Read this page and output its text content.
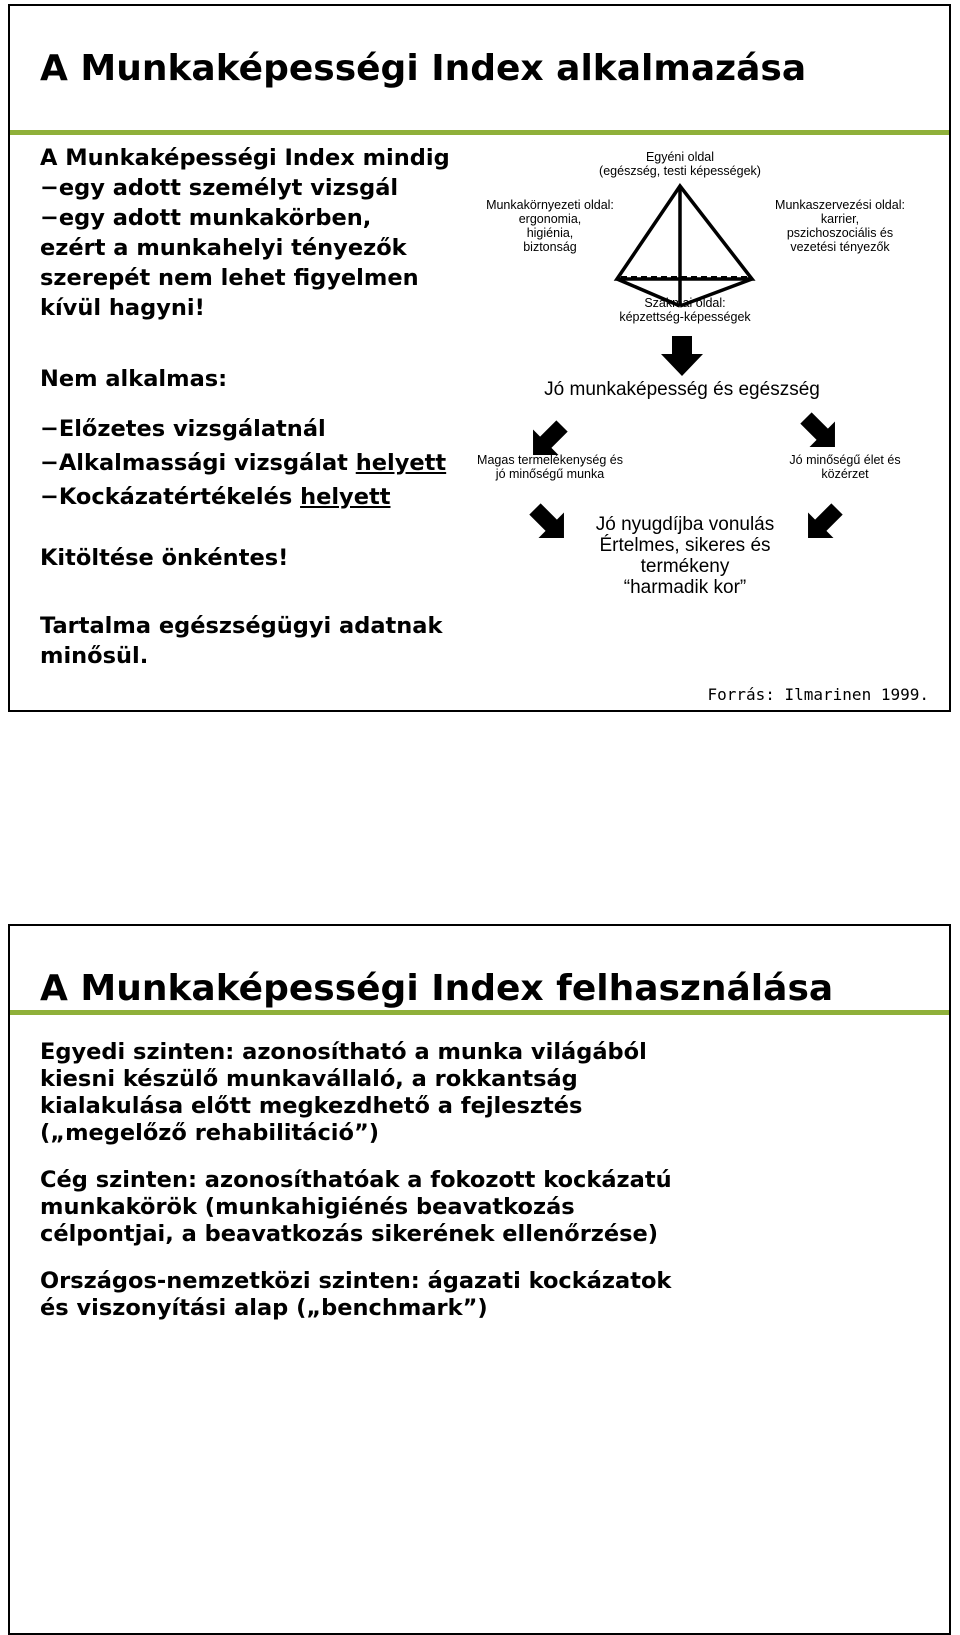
A Munkaképességi Index alkalmazása
A Munkaképességi Index mindig
−egy adott személyt vizsgál
−egy adott munkakörben,
ezért a munkahelyi tényezők
szerepét nem lehet figyelmen
kívül hagyni!
Nem alkalmas:
−Előzetes vizsgálatnál
−Alkalmassági vizsgálat helyett
−Kockázatértékelés helyett
Kitöltése önkéntes!
Tartalma egészségügyi adatnak
minősül.
Egyéni oldal
(egészség, testi képességek)
Munkakörnyezeti oldal:
ergonomia,
higiénia,
biztonság
Munkaszervezési oldal:
karrier,
pszichoszociális és
vezetési tényezők
Szakmai oldal:
képzettség-képességek
Jó munkaképesség és egészség
Magas termelékenység és
jó minőségű munka
Jó minőségű élet és
közérzet
Jó nyugdíjba vonulás
Értelmes, sikeres és
termékeny
“harmadik kor”
Forrás: Ilmarinen 1999.
A Munkaképességi Index felhasználása
Egyedi szinten: azonosítható a munka világából
kiesni készülő munkavállaló, a rokkantság
kialakulása előtt megkezdhető a fejlesztés
(„megelőző rehabilitáció”)
Cég szinten: azonosíthatóak a fokozott kockázatú
munkakörök (munkahigiénés beavatkozás
célpontjai, a beavatkozás sikerének ellenőrzése)
Országos-nemzetközi szinten: ágazati kockázatok
és viszonyítási alap („benchmark”)
